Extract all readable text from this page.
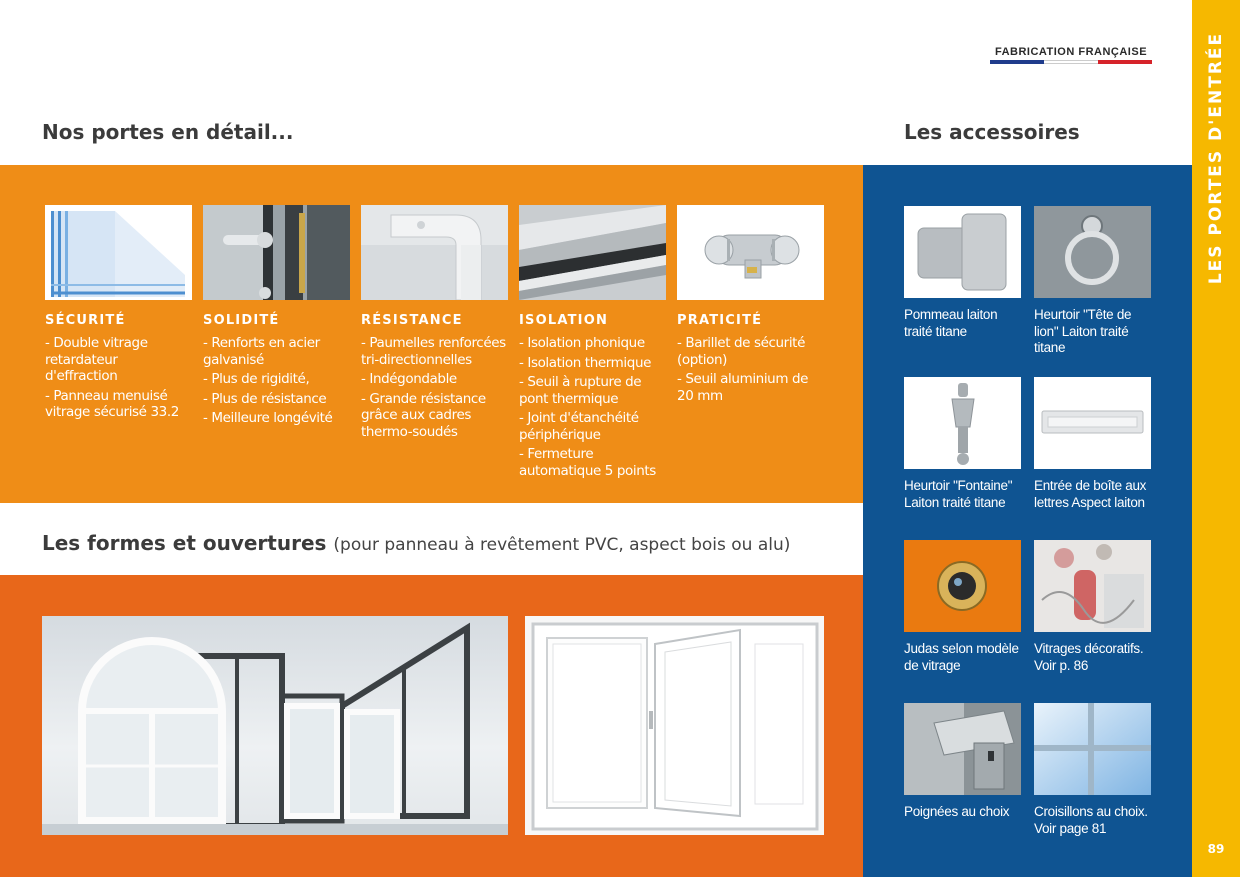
FABRICATION FRANÇAISE	LES PORTES D'ENTRÉE
89
Nos portes en détail...	Les accessoires
SÉCURITÉ
- Double vitrage retardateur d'effraction
- Panneau menuisé vitrage sécurisé 33.2
SOLIDITÉ
- Renforts en acier galvanisé
- Plus de rigidité,
- Plus de résistance
- Meilleure longévité
RÉSISTANCE
- Paumelles renforcées tri-directionnelles
- Indégondable
- Grande résistance grâce aux cadres thermo-soudés
ISOLATION
- Isolation phonique
- Isolation thermique
- Seuil à rupture de pont thermique
- Joint d'étanchéité périphérique
- Fermeture automatique 5 points
PRATICITÉ
- Barillet de sécurité (option)
- Seuil aluminium de 20 mm
Les formes et ouvertures (pour panneau à revêtement PVC, aspect bois ou alu)
Pommeau laiton traité titane
Heurtoir "Tête de lion" Laiton traité titane
Heurtoir "Fontaine" Laiton traité titane
Entrée de boîte aux lettres Aspect laiton
Judas selon modèle de vitrage
Vitrages décoratifs. Voir p. 86
Poignées au choix	Croisillons au choix. Voir page 81
